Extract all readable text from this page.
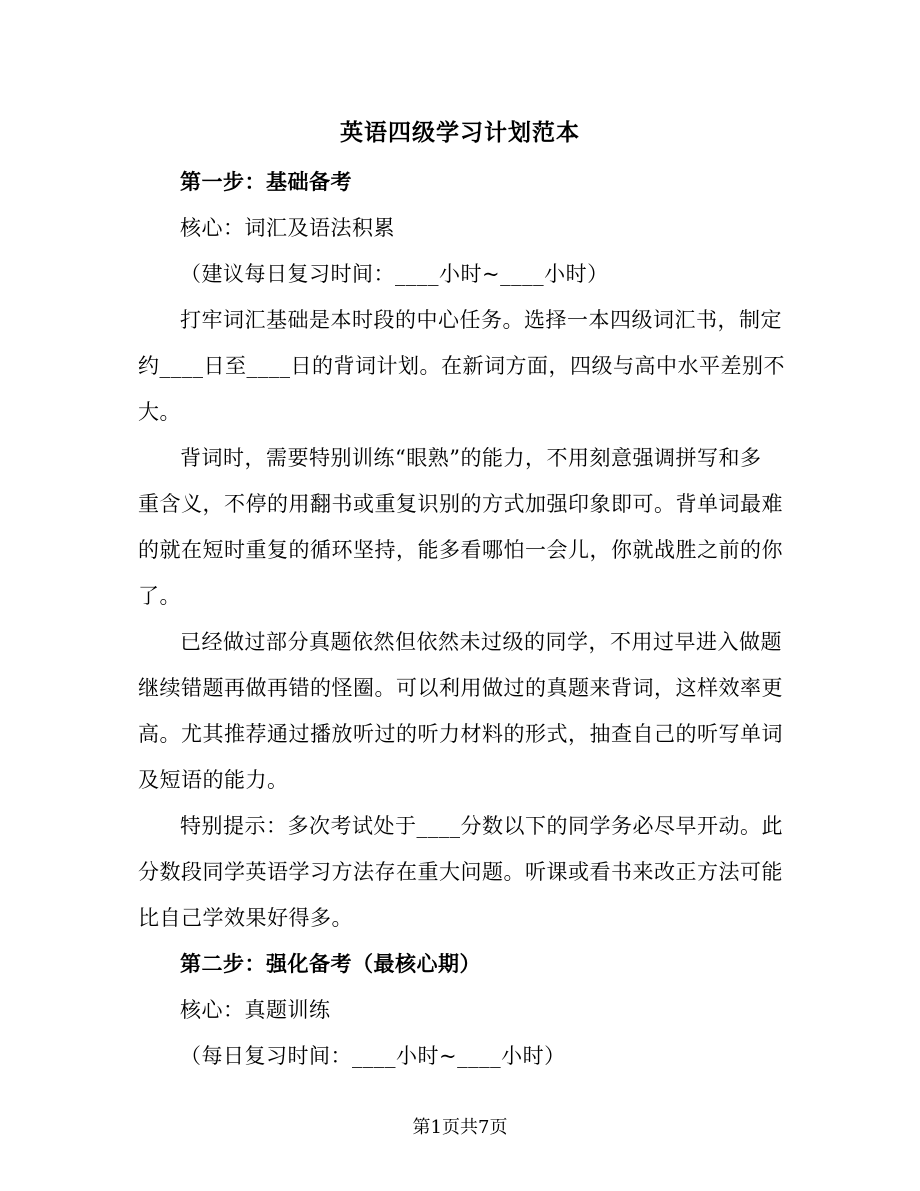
英语四级学习计划范本
第一步：基础备考
核心：词汇及语法积累
（建议每日复习时间：____小时~____小时）
打牢词汇基础是本时段的中心任务。选择一本四级词汇书，制定
约____日至____日的背词计划。在新词方面，四级与高中水平差别不
大。
背词时，需要特别训练“眼熟”的能力，不用刻意强调拼写和多
重含义，不停的用翻书或重复识别的方式加强印象即可。背单词最难
的就在短时重复的循环坚持，能多看哪怕一会儿，你就战胜之前的你
了。
已经做过部分真题依然但依然未过级的同学，不用过早进入做题
继续错题再做再错的怪圈。可以利用做过的真题来背词，这样效率更
高。尤其推荐通过播放听过的听力材料的形式，抽查自己的听写单词
及短语的能力。
特别提示：多次考试处于____分数以下的同学务必尽早开动。此
分数段同学英语学习方法存在重大问题。听课或看书来改正方法可能
比自己学效果好得多。
第二步：强化备考（最核心期）
核心：真题训练
（每日复习时间：____小时~____小时）
第1页共7页
